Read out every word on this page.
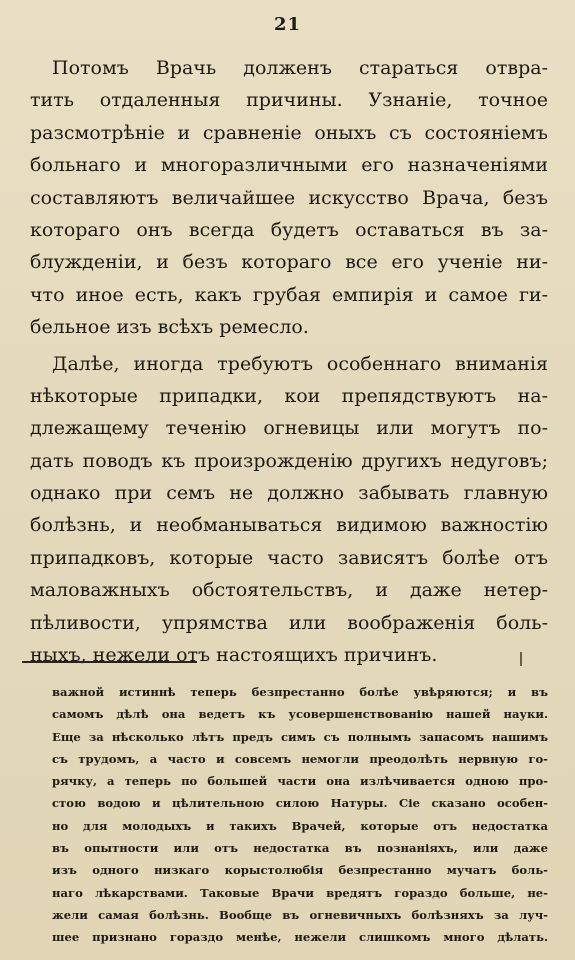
21
Потомъ Врачь долженъ стараться отвра-
тить отдаленныя причины. Узнаніе, точное
разсмотрѣніе и сравненіе оныхъ съ состояніемъ
больнаго и многоразличными его назначеніями
составляютъ величайшее искусство Врача, безъ
котораго онъ всегда будетъ оставаться въ за-
блужденіи, и безъ котораго все его ученіе ни-
что иное есть, какъ грубая емпирія и самое ги-
бельное изъ всѣхъ ремесло.
Далѣе, иногда требуютъ особеннаго вниманія
нѣкоторые припадки, кои препядствуютъ на-
длежащему теченію огневицы или могутъ по-
дать поводъ къ произрожденію другихъ недуговъ;
однако при семъ не должно забывать главную
болѣзнь, и необманываться видимою важностію
припадковъ, которые часто зависятъ болѣе отъ
маловажныхъ обстоятельствъ, и даже нетер-
пѣливости, упрямства или воображенія боль-
ныхъ, нежели отъ настоящихъ причинъ.
важной истиннѣ теперь безпрестанно болѣе увѣряются; и въ
самомъ дѣлѣ она ведетъ къ усовершенствованію нашей науки.
Еще за нѣсколько лѣтъ предъ симъ съ полнымъ запасомъ нашимъ
съ трудомъ, а часто и совсемъ немогли преодолѣть нервную го-
рячку, а теперь по большей части она излѣчивается одною про-
стою водою и цѣлительною силою Натуры. Сіе сказано особен-
но для молодыхъ и такихъ Врачей, которые отъ недостатка
въ опытности или отъ недостатка въ познаніяхъ, или даже
изъ одного низкаго корыстолюбія безпрестанно мучатъ боль-
наго лѣкарствами. Таковые Врачи вредятъ гораздо больше, не-
жели самая болѣзнь. Вообще въ огневичныхъ болѣзняхъ за луч-
шее признано гораздо менѣе, нежели слишкомъ много дѣлать.
